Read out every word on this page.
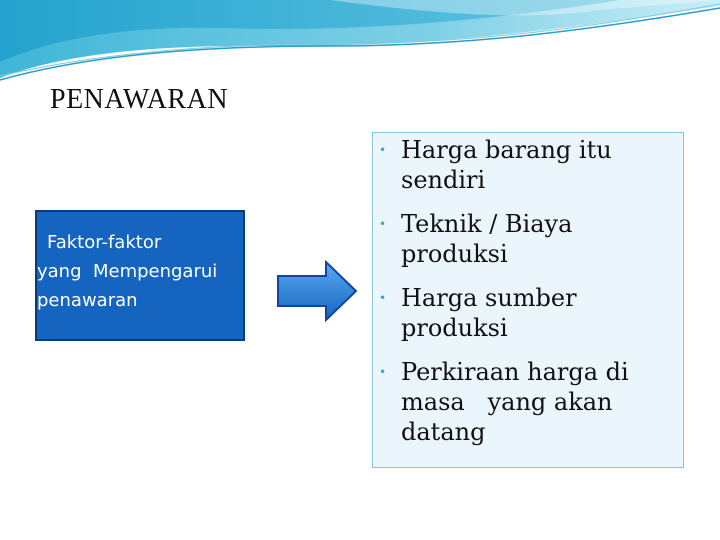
PENAWARAN
Faktor-faktor
yang  Mempengarui
penawaran
• Harga barang itu
sendiri
• Teknik / Biaya
produksi
• Harga sumber
produksi
• Perkiraan harga di
masa   yang akan
datang
